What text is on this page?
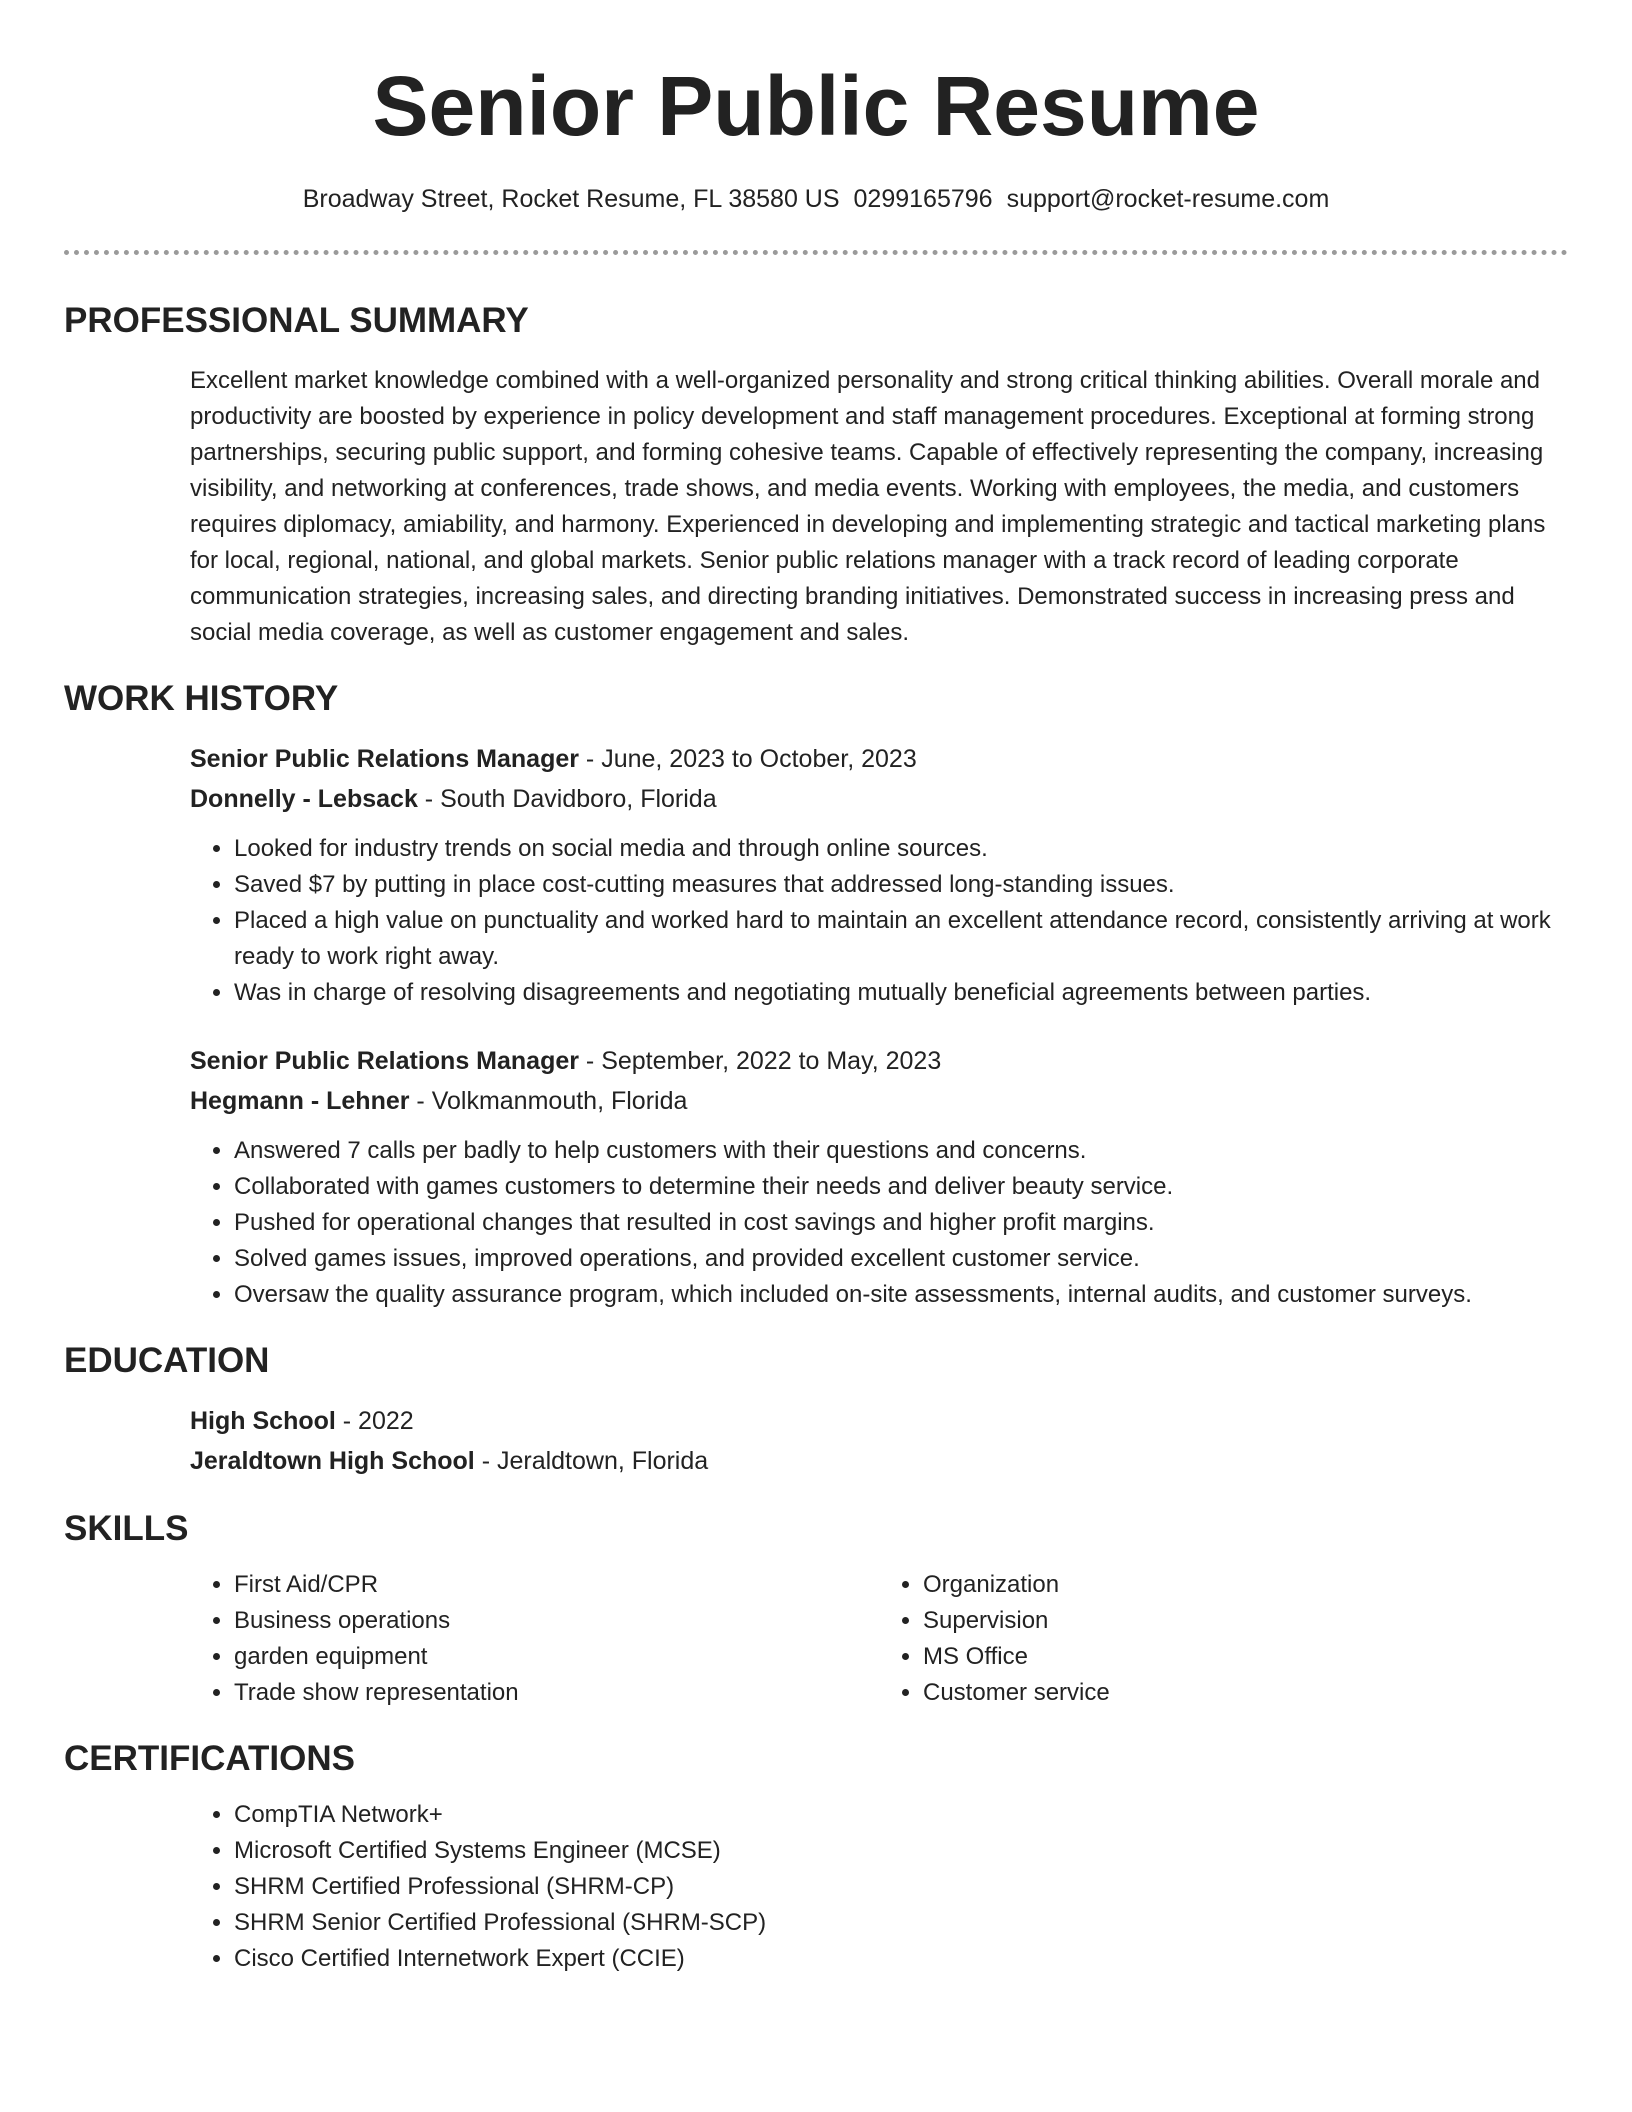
Senior Public Resume
Broadway Street, Rocket Resume, FL 38580 US 0299165796 support@rocket-resume.com
PROFESSIONAL SUMMARY

Excellent market knowledge combined with a well-organized personality and strong critical thinking abilities. Overall morale and productivity are boosted by experience in policy development and staff management procedures. Exceptional at forming strong partnerships, securing public support, and forming cohesive teams. Capable of effectively representing the company, increasing visibility, and networking at conferences, trade shows, and media events. Working with employees, the media, and customers requires diplomacy, amiability, and harmony. Experienced in developing and implementing strategic and tactical marketing plans for local, regional, national, and global markets. Senior public relations manager with a track record of leading corporate communication strategies, increasing sales, and directing branding initiatives. Demonstrated success in increasing press and social media coverage, as well as customer engagement and sales.

WORK HISTORY

Senior Public Relations Manager - June, 2023 to October, 2023

Donnelly - Lebsack - South Davidboro, Florida

• Looked for industry trends on social media and through online sources.
• Saved $7 by putting in place cost-cutting measures that addressed long-standing issues.
• Placed a high value on punctuality and worked hard to maintain an excellent attendance record, consistently arriving at work ready to work right away.
• Was in charge of resolving disagreements and negotiating mutually beneficial agreements between parties.

Senior Public Relations Manager - September, 2022 to May, 2023

Hegmann - Lehner - Volkmanmouth, Florida

• Answered 7 calls per badly to help customers with their questions and concerns.
• Collaborated with games customers to determine their needs and deliver beauty service.
• Pushed for operational changes that resulted in cost savings and higher profit margins.
• Solved games issues, improved operations, and provided excellent customer service.
• Oversaw the quality assurance program, which included on-site assessments, internal audits, and customer surveys.
EDUCATION

High School - 2022

Jeraldtown High School - Jeraldtown, Florida

SKILLS
• First Aid/CPR
• Business operations
• garden equipment
• Trade show representation
• Organization
• Supervision
• MS Office
• Customer service
CERTIFICATIONS
• CompTIA Network+
• Microsoft Certified Systems Engineer (MCSE)
• SHRM Certified Professional (SHRM-CP)
• SHRM Senior Certified Professional (SHRM-SCP)
• Cisco Certified Internetwork Expert (CCIE)
